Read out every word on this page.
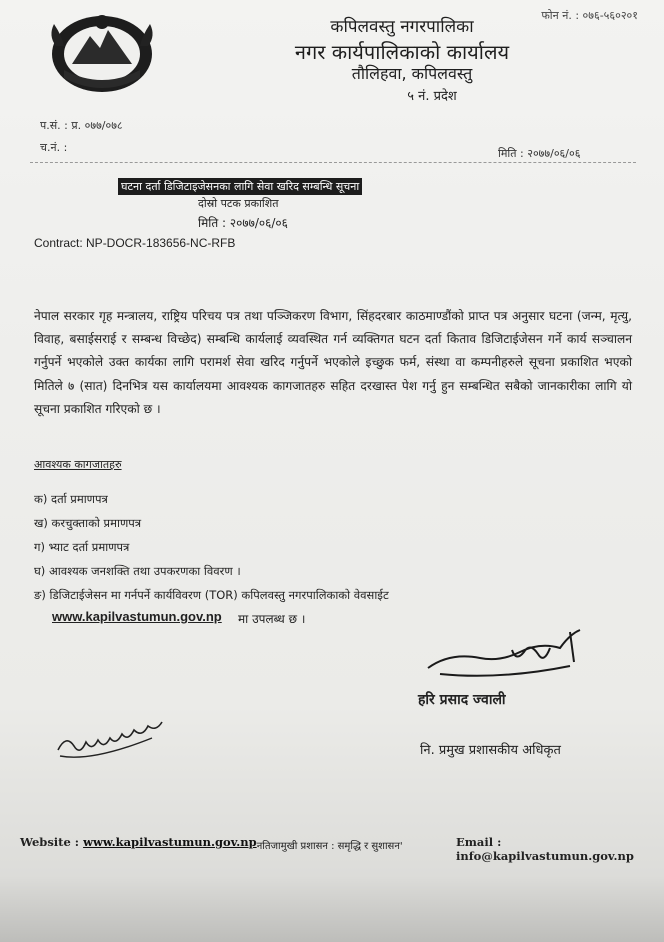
फोन नं. : ०७६-५६०२०१
कपिलवस्तु नगरपालिका
नगर कार्यपालिकाको कार्यालय
तौलिहवा, कपिलवस्तु
५ नं. प्रदेश
प.सं. : प्र. ०७७/०७८
च.नं. :	मिति : २०७७/०६/०६
घटना दर्ता डिजिटाइजेसनका लागि सेवा खरिद सम्बन्धि सूचना
दोस्रो पटक प्रकाशित
मिति : २०७७/०६/०६
Contract: NP-DOCR-183656-NC-RFB
नेपाल सरकार गृह मन्त्रालय, राष्ट्रिय परिचय पत्र तथा पञ्जिकरण विभाग, सिंहदरबार काठमाण्डौंको प्राप्त पत्र अनुसार घटना (जन्म, मृत्यु, विवाह, बसाईसराई र सम्बन्ध विच्छेद) सम्बन्धि कार्यलाई व्यवस्थित गर्न व्यक्तिगत घटन दर्ता किताव डिजिटाईजेसन गर्ने कार्य सञ्चालन गर्नुपर्ने भएकोले उक्त कार्यका लागि परामर्श सेवा खरिद गर्नुपर्ने भएकोले इच्छुक फर्म, संस्था वा कम्पनीहरुले सूचना प्रकाशित भएको मितिले ७ (सात) दिनभित्र यस कार्यालयमा आवश्यक कागजातहरु सहित दरखास्त पेश गर्नु हुन सम्बन्धित सबैको जानकारीका लागि यो सूचना प्रकाशित गरिएको छ ।
आवश्यक कागजातहरु
क) दर्ता प्रमाणपत्र
ख) करचुक्ताको प्रमाणपत्र
ग) भ्याट दर्ता प्रमाणपत्र
घ) आवश्यक जनशक्ति तथा उपकरणका विवरण ।
ङ) डिजिटाईजेसन मा गर्नपर्ने कार्यविवरण (TOR) कपिलवस्तु नगरपालिकाको वेवसाईट
www.kapilvastumun.gov.np मा उपलब्ध छ ।
हरि प्रसाद ज्वाली
नि. प्रमुख प्रशासकीय अधिकृत
Website : www.kapilvastumun.gov.np
'नतिजामुखी प्रशासन : समृद्धि र सुशासन'	Email : info@kapilvastumun.gov.np
